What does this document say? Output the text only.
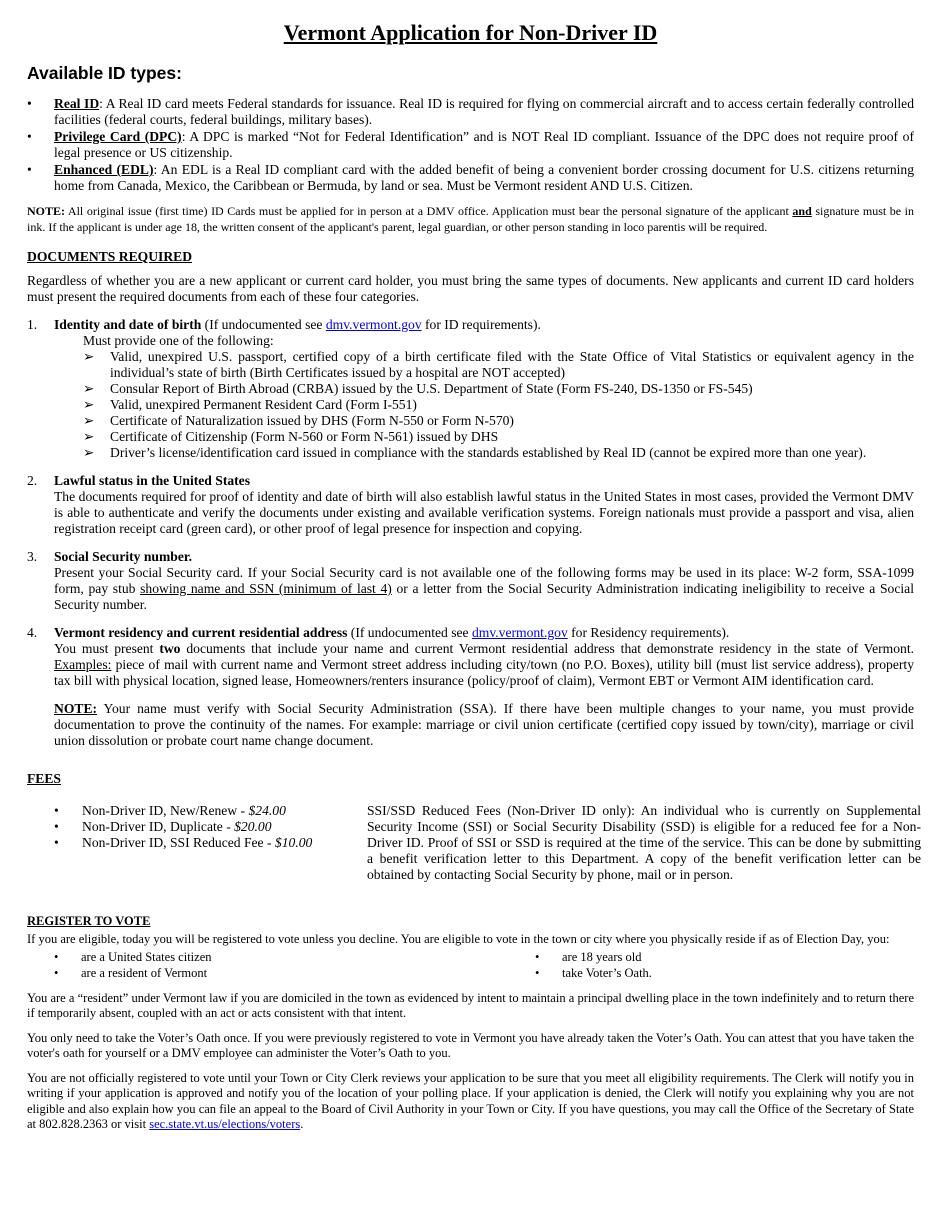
Vermont Application for Non-Driver ID
Available ID types:
• Real ID: A Real ID card meets Federal standards for issuance. Real ID is required for flying on commercial aircraft and to access certain federally controlled facilities (federal courts, federal buildings, military bases).
• Privilege Card (DPC): A DPC is marked “Not for Federal Identification” and is NOT Real ID compliant. Issuance of the DPC does not require proof of legal presence or US citizenship.
• Enhanced (EDL): An EDL is a Real ID compliant card with the added benefit of being a convenient border crossing document for U.S. citizens returning home from Canada, Mexico, the Caribbean or Bermuda, by land or sea. Must be Vermont resident AND U.S. Citizen.

NOTE: All original issue (first time) ID Cards must be applied for in person at a DMV office. Application must bear the personal signature of the applicant and signature must be in ink. If the applicant is under age 18, the written consent of the applicant's parent, legal guardian, or other person standing in loco parentis will be required.

DOCUMENTS REQUIRED
Regardless of whether you are a new applicant or current card holder, you must bring the same types of documents. New applicants and current ID card holders must present the required documents from each of these four categories.
1. Identity and date of birth (If undocumented see dmv.vermont.gov for ID requirements).
Must provide one of the following:
➢ Valid, unexpired U.S. passport, certified copy of a birth certificate filed with the State Office of Vital Statistics or equivalent agency in the individual’s state of birth (Birth Certificates issued by a hospital are NOT accepted)
➢ Consular Report of Birth Abroad (CRBA) issued by the U.S. Department of State (Form FS-240, DS-1350 or FS-545)
➢ Valid, unexpired Permanent Resident Card (Form I-551)
➢ Certificate of Naturalization issued by DHS (Form N-550 or Form N-570)
➢ Certificate of Citizenship (Form N-560 or Form N-561) issued by DHS
➢ Driver’s license/identification card issued in compliance with the standards established by Real ID (cannot be expired more than one year).
2. Lawful status in the United States
The documents required for proof of identity and date of birth will also establish lawful status in the United States in most cases, provided the Vermont DMV is able to authenticate and verify the documents under existing and available verification systems. Foreign nationals must provide a passport and visa, alien registration receipt card (green card), or other proof of legal presence for inspection and copying.
3. Social Security number.
Present your Social Security card. If your Social Security card is not available one of the following forms may be used in its place: W-2 form, SSA-1099 form, pay stub showing name and SSN (minimum of last 4) or a letter from the Social Security Administration indicating ineligibility to receive a Social Security number.
4. Vermont residency and current residential address (If undocumented see dmv.vermont.gov for Residency requirements).
You must present two documents that include your name and current Vermont residential address that demonstrate residency in the state of Vermont. Examples: piece of mail with current name and Vermont street address including city/town (no P.O. Boxes), utility bill (must list service address), property tax bill with physical location, signed lease, Homeowners/renters insurance (policy/proof of claim), Vermont EBT or Vermont AIM identification card.
NOTE: Your name must verify with Social Security Administration (SSA). If there have been multiple changes to your name, you must provide documentation to prove the continuity of the names. For example: marriage or civil union certificate (certified copy issued by town/city), marriage or civil union dissolution or probate court name change document.
FEES
• Non-Driver ID, New/Renew - $24.00
• Non-Driver ID, Duplicate - $20.00
• Non-Driver ID, SSI Reduced Fee - $10.00
SSI/SSD Reduced Fees (Non-Driver ID only): An individual who is currently on Supplemental Security Income (SSI) or Social Security Disability (SSD) is eligible for a reduced fee for a Non-Driver ID. Proof of SSI or SSD is required at the time of the service. This can be done by submitting a benefit verification letter to this Department. A copy of the benefit verification letter can be obtained by contacting Social Security by phone, mail or in person.
REGISTER TO VOTE
If you are eligible, today you will be registered to vote unless you decline. You are eligible to vote in the town or city where you physically reside if as of Election Day, you:
• are a United States citizen
• are a resident of Vermont
• are 18 years old
• take Voter’s Oath.
You are a “resident” under Vermont law if you are domiciled in the town as evidenced by intent to maintain a principal dwelling place in the town indefinitely and to return there if temporarily absent, coupled with an act or acts consistent with that intent.
You only need to take the Voter’s Oath once. If you were previously registered to vote in Vermont you have already taken the Voter’s Oath. You can attest that you have taken the voter's oath for yourself or a DMV employee can administer the Voter’s Oath to you.
You are not officially registered to vote until your Town or City Clerk reviews your application to be sure that you meet all eligibility requirements. The Clerk will notify you in writing if your application is approved and notify you of the location of your polling place. If your application is denied, the Clerk will notify you explaining why you are not eligible and also explain how you can file an appeal to the Board of Civil Authority in your Town or City. If you have questions, you may call the Office of the Secretary of State at 802.828.2363 or visit sec.state.vt.us/elections/voters.
